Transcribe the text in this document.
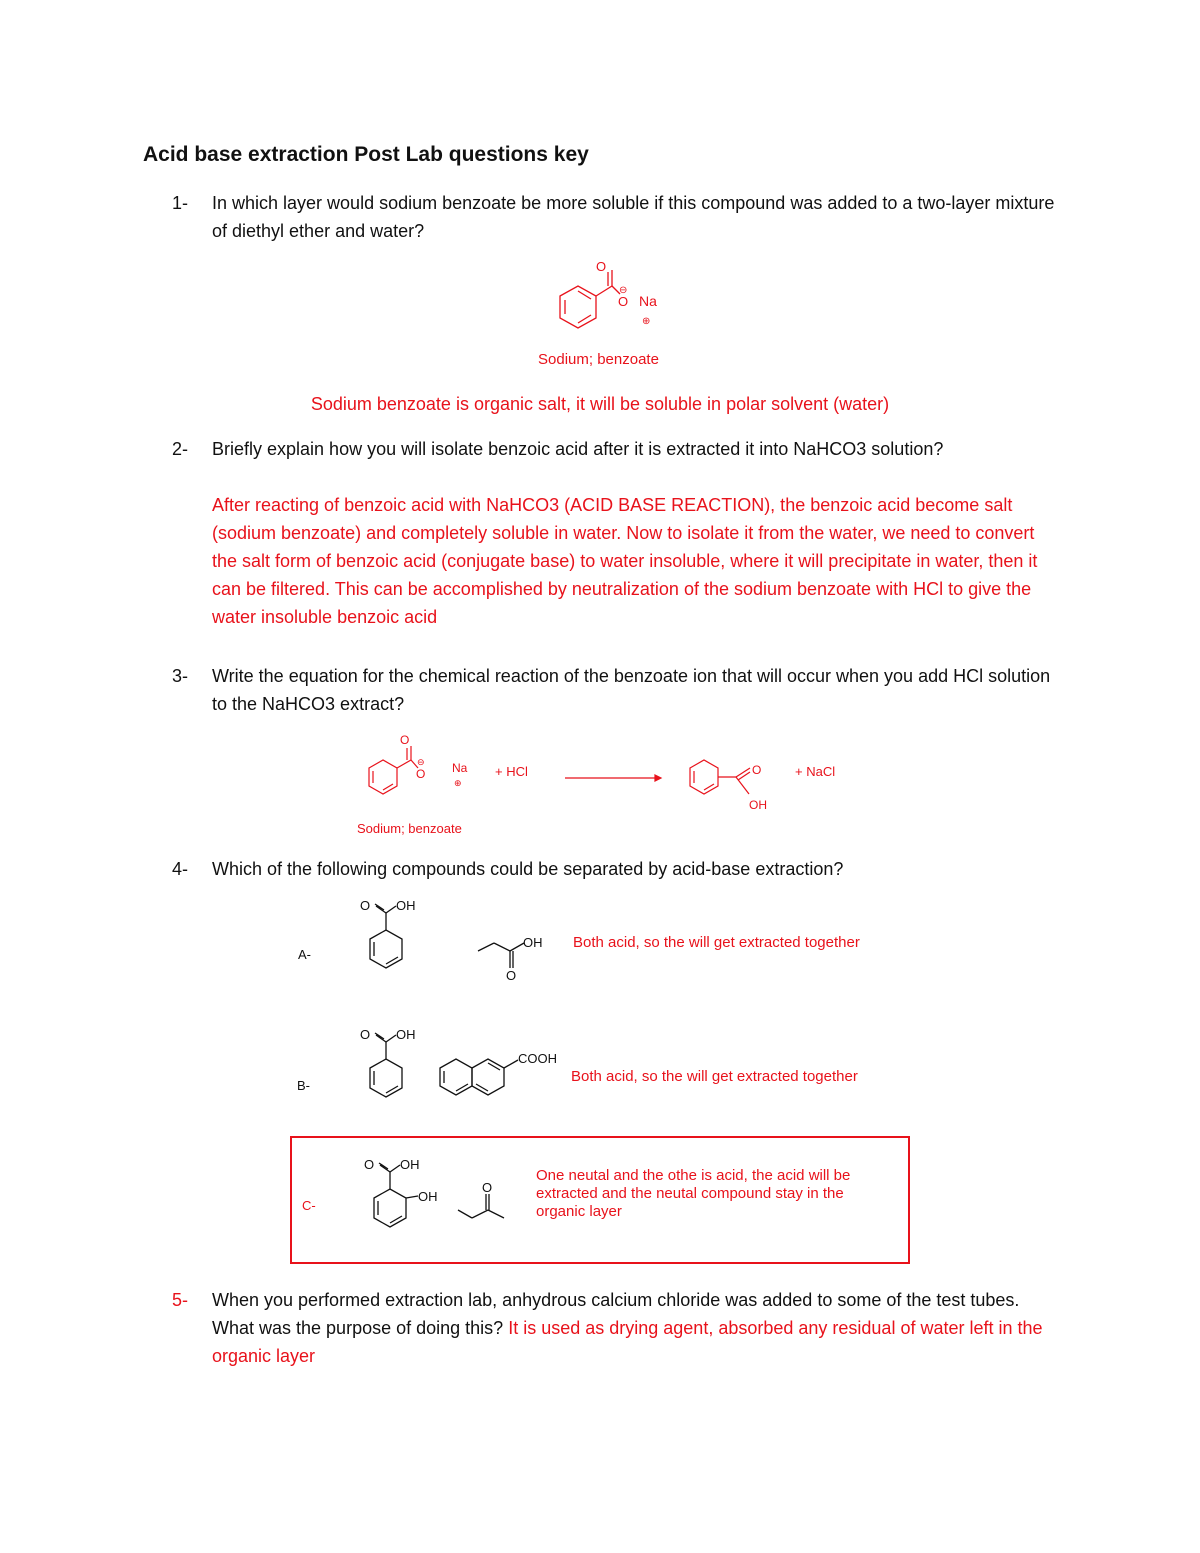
Acid base extraction Post Lab questions key
1- In which layer would sodium benzoate be more soluble if this compound was added to a two-layer mixture of diethyl ether and water?
O
O
⊖
Na
⊕
Sodium; benzoate
Sodium benzoate is organic salt, it will be soluble in polar solvent (water)
2- Briefly explain how you will isolate benzoic acid after it is extracted it into NaHCO3 solution?
After reacting of benzoic acid with NaHCO3 (ACID BASE REACTION), the benzoic acid become salt (sodium benzoate) and completely soluble in water. Now to isolate it from the water, we need to convert the salt form of benzoic acid (conjugate base) to water insoluble, where it will precipitate in water, then it can be filtered. This can be accomplished by neutralization of the sodium benzoate with HCl to give the water insoluble benzoic acid
3- Write the equation for the chemical reaction of the benzoate ion that will occur when you add HCl solution to the NaHCO3 extract?
O
O
⊖ Na
⊕
+ HCl	O
OH
+ NaCl
Sodium; benzoate
4- Which of the following compounds could be separated by acid-base extraction?
A-
O OH
OH
O
Both acid, so the will get extracted together
B-
O OH
COOH
Both acid, so the will get extracted together
C-
O OH
OH
O
One neutal and the othe is acid, the acid will be extracted and the neutal compound stay in the organic layer
5- When you performed extraction lab, anhydrous calcium chloride was added to some of the test tubes. What was the purpose of doing this? It is used as drying agent, absorbed any residual of water left in the organic layer
